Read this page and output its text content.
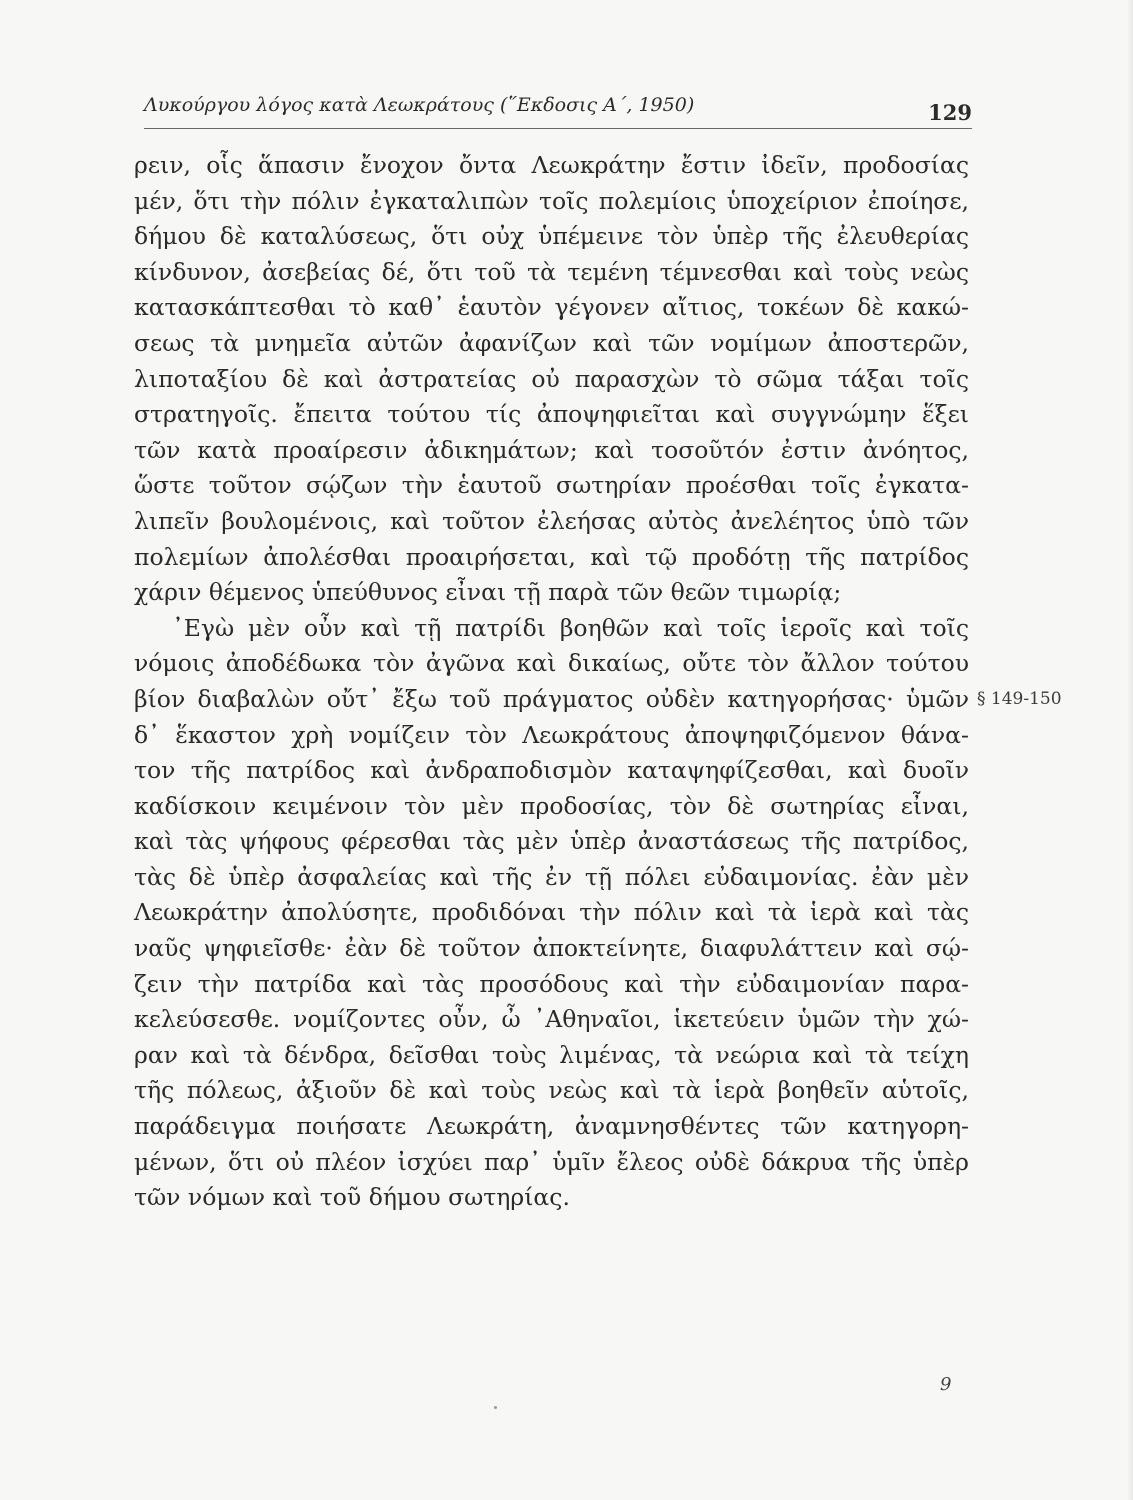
Λυκούργου λόγος κατὰ Λεωκράτους (῞Εκδοσις Α΄, 1950)	129
ρειν, οἷς ἅπασιν ἔνοχον ὄντα Λεωκράτην ἔστιν ἰδεῖν, προδοσίας
μέν, ὅτι τὴν πόλιν ἐγκαταλιπὼν τοῖς πολεμίοις ὑποχείριον ἐποίησε,
δήμου δὲ καταλύσεως, ὅτι οὐχ ὑπέμεινε τὸν ὑπὲρ τῆς ἐλευθερίας
κίνδυνον, ἀσεβείας δέ, ὅτι τοῦ τὰ τεμένη τέμνεσθαι καὶ τοὺς νεὼς
κατασκάπτεσθαι τὸ καθ᾽ ἑαυτὸν γέγονεν αἴτιος, τοκέων δὲ κακώ-
σεως τὰ μνημεῖα αὐτῶν ἀφανίζων καὶ τῶν νομίμων ἀποστερῶν,
λιποταξίου δὲ καὶ ἀστρατείας οὐ παρασχὼν τὸ σῶμα τάξαι τοῖς
στρατηγοῖς. ἔπειτα τούτου τίς ἀποψηφιεῖται καὶ συγγνώμην ἕξει
τῶν κατὰ προαίρεσιν ἀδικημάτων; καὶ τοσοῦτόν ἐστιν ἀνόητος,
ὥστε τοῦτον σῴζων τὴν ἑαυτοῦ σωτηρίαν προέσθαι τοῖς ἐγκατα-
λιπεῖν βουλομένοις, καὶ τοῦτον ἐλεήσας αὐτὸς ἀνελέητος ὑπὸ τῶν
πολεμίων ἀπολέσθαι προαιρήσεται, καὶ τῷ προδότῃ τῆς πατρίδος
χάριν θέμενος ὑπεύθυνος εἶναι τῇ παρὰ τῶν θεῶν τιμωρίᾳ;
᾽Εγὼ μὲν οὖν καὶ τῇ πατρίδι βοηθῶν καὶ τοῖς ἱεροῖς καὶ τοῖς
νόμοις ἀποδέδωκα τὸν ἀγῶνα καὶ δικαίως, οὔτε τὸν ἄλλον τούτου
βίον διαβαλὼν οὔτ᾽ ἔξω τοῦ πράγματος οὐδὲν κατηγορήσας· ὑμῶν
δ᾽ ἕκαστον χρὴ νομίζειν τὸν Λεωκράτους ἀποψηφιζόμενον θάνα-
τον τῆς πατρίδος καὶ ἀνδραποδισμὸν καταψηφίζεσθαι, καὶ δυοῖν
καδίσκοιν κειμένοιν τὸν μὲν προδοσίας, τὸν δὲ σωτηρίας εἶναι,
καὶ τὰς ψήφους φέρεσθαι τὰς μὲν ὑπὲρ ἀναστάσεως τῆς πατρίδος,
τὰς δὲ ὑπὲρ ἀσφαλείας καὶ τῆς ἐν τῇ πόλει εὐδαιμονίας. ἐὰν μὲν
Λεωκράτην ἀπολύσητε, προδιδόναι τὴν πόλιν καὶ τὰ ἱερὰ καὶ τὰς
ναῦς ψηφιεῖσθε· ἐὰν δὲ τοῦτον ἀποκτείνητε, διαφυλάττειν καὶ σῴ-
ζειν τὴν πατρίδα καὶ τὰς προσόδους καὶ τὴν εὐδαιμονίαν παρα-
κελεύσεσθε. νομίζοντες οὖν, ὦ ᾽Αθηναῖοι, ἱκετεύειν ὑμῶν τὴν χώ-
ραν καὶ τὰ δένδρα, δεῖσθαι τοὺς λιμένας, τὰ νεώρια καὶ τὰ τείχη
τῆς πόλεως, ἀξιοῦν δὲ καὶ τοὺς νεὼς καὶ τὰ ἱερὰ βοηθεῖν αὑτοῖς,
παράδειγμα ποιήσατε Λεωκράτη, ἀναμνησθέντες τῶν κατηγορη-
μένων, ὅτι οὐ πλέον ἰσχύει παρ᾽ ὑμῖν ἔλεος οὐδὲ δάκρυα τῆς ὑπὲρ
τῶν νόμων καὶ τοῦ δήμου σωτηρίας.
§ 149-150
9
